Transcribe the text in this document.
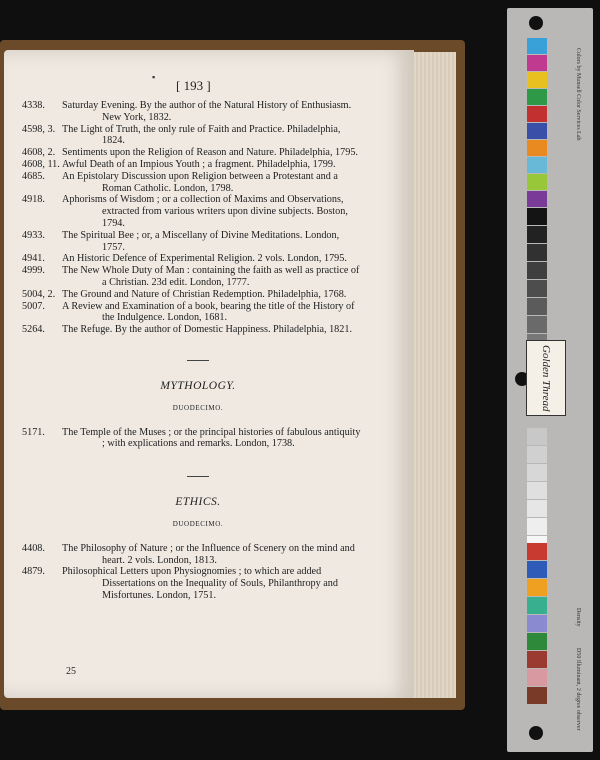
▪
[ 193 ]
Saturday Evening. By the author of the Natural History of Enthusiasm. New York, 1832.
The Light of Truth, the only rule of Faith and Practice. Philadelphia, 1824.
Sentiments upon the Religion of Reason and Nature. Philadelphia, 1795.
Awful Death of an Impious Youth ; a fragment. Philadelphia, 1799.
An Epistolary Discussion upon Religion between a Protestant and a Roman Catholic. London, 1798.
Aphorisms of Wisdom ; or a collection of Maxims and Observations, extracted from various writers upon divine subjects. Boston, 1794.
The Spiritual Bee ; or, a Miscellany of Divine Meditations. London, 1757.
An Historic Defence of Experimental Religion. 2 vols. London, 1795.
The New Whole Duty of Man : containing the faith as well as practice of a Christian. 23d edit. London, 1777.
The Ground and Nature of Christian Redemption. Philadelphia, 1768.
A Review and Examination of a book, bearing the title of the History of the Indulgence. London, 1681.
The Refuge. By the author of Domestic Happiness. Philadelphia, 1821.
MYTHOLOGY.
DUODECIMO.
The Temple of the Muses ; or the principal histories of fabulous antiquity ; with explications and remarks. London, 1738.
ETHICS.
DUODECIMO.
The Philosophy of Nature ; or the Influence of Scenery on the mind and heart. 2 vols. London, 1813.
Philosophical Letters upon Physiognomies ; to which are added Dissertations on the Inequality of Souls, Philanthropy and Misfortunes. London, 1751.
25
Colors by Munsell Color Services Lab
Density
D50 Illuminant, 2 degree observer
Golden Thread
